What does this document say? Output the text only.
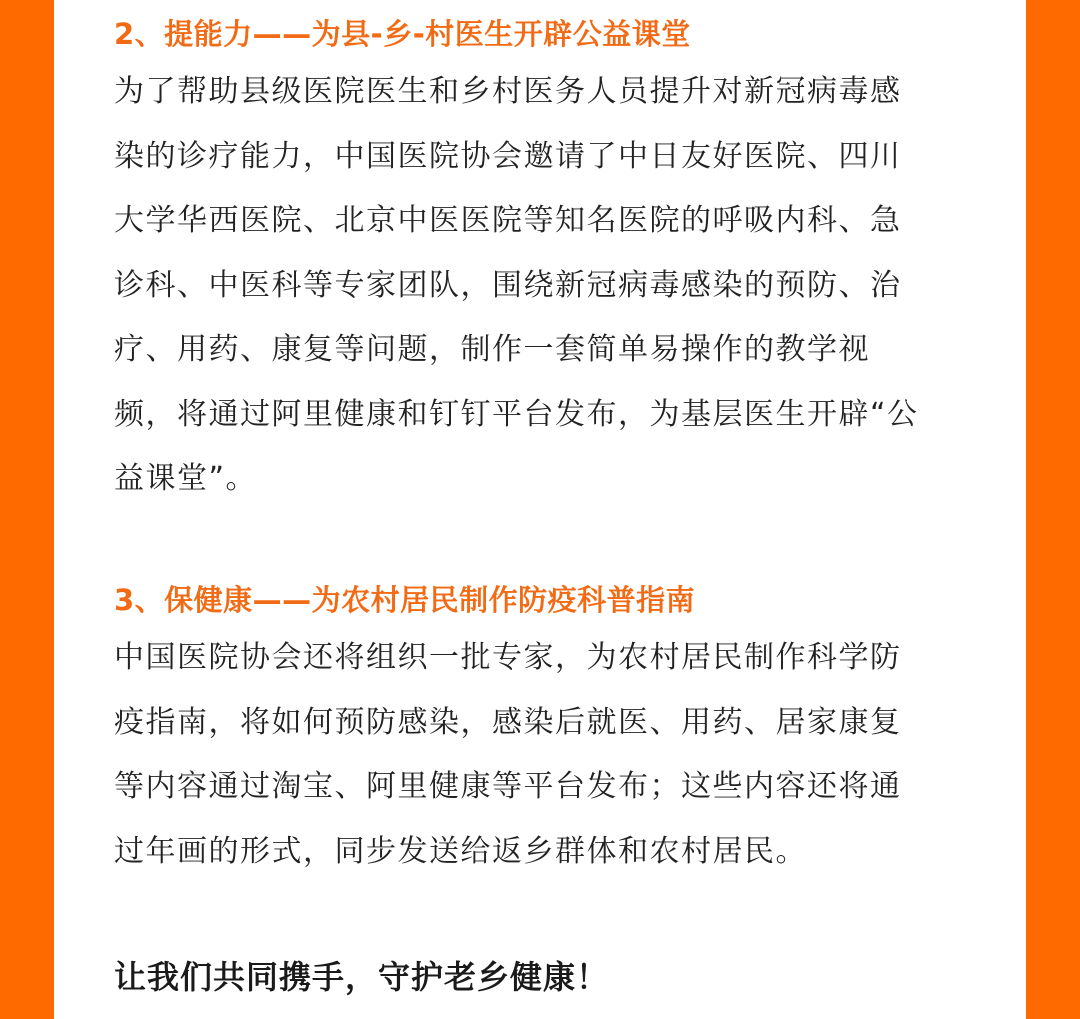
2、提能力——为县-乡-村医生开辟公益课堂
为了帮助县级医院医生和乡村医务人员提升对新冠病毒感
染的诊疗能力，中国医院协会邀请了中日友好医院、四川
大学华西医院、北京中医医院等知名医院的呼吸内科、急
诊科、中医科等专家团队，围绕新冠病毒感染的预防、治
疗、用药、康复等问题，制作一套简单易操作的教学视
频，将通过阿里健康和钉钉平台发布，为基层医生开辟“公
益课堂”。
3、保健康——为农村居民制作防疫科普指南
中国医院协会还将组织一批专家，为农村居民制作科学防
疫指南，将如何预防感染，感染后就医、用药、居家康复
等内容通过淘宝、阿里健康等平台发布；这些内容还将通
过年画的形式，同步发送给返乡群体和农村居民。
让我们共同携手，守护老乡健康！
